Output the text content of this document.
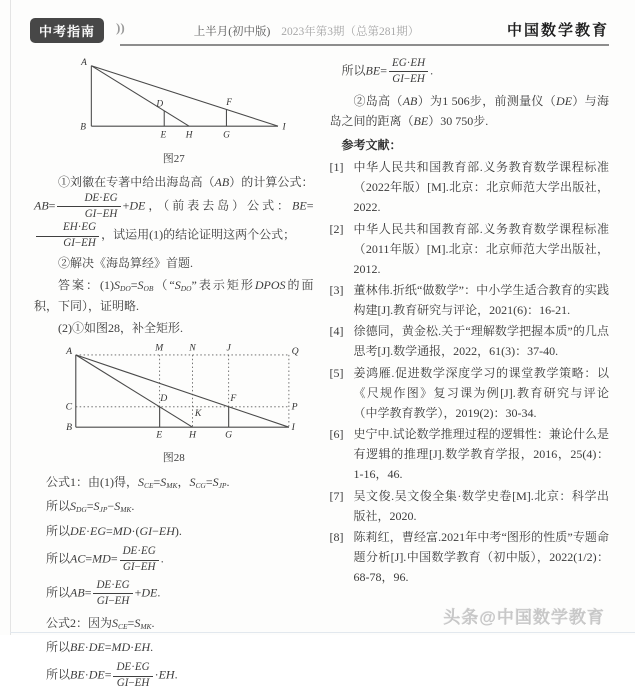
中考指南	))	上半月(初中版) 2023年第3期（总第281期）	中国数学教育
A
B
D
E H
F
G
I
图27

①刘徽在专著中给出海岛高（AB）的计算公式：$AB= \frac{DE\cdot EG}{GI-EH} +DE$，（前表去岛）公式：BE=
$\frac{EH\cdot EG}{GI-EH}$ ，试运用(1)的结论证明这两个公式；

②解决《海岛算经》首题.

答案：$(1)S_{DO}=S_{OB}(“S_{DO}$”表示矩形DPOS的面积，下同），证明略.

(2)①如图28，补全矩形.

A	M N	J	Q
C
D
K
F
P
B
E	H	G
I
图28
公式1：由(1)得，$S_{CE}=S_{MK}$，$S_{CG}=S_{JP}$.
所以$S_{DG}=S_{JP}-S_{MK}$.
所以DE·EG=MD·(GI−EH).
所以$AC=MD= \frac{DE\cdot EG}{GI-EH}$ .
所以$AB= \frac{DE\cdot EG}{GI-EH} +DE$.
公式2：因为$S_{CE}=S_{MK}$.
所以BE·DE=MD·EH.
所以$BE\cdot DE= \frac{DE\cdot EG}{GI-EH} \cdot EH$.
所以$BE= \frac{EG\cdot EH}{GI-EH}$ .

②岛高（AB）为1 506步，前测量仪（DE）与海岛之间的距离（BE）30 750步.

参考文献：

[1] 中华人民共和国教育部.义务教育数学课程标准（2022年版）[M].北京：北京师范大学出版社，2022.
[2] 中华人民共和国教育部.义务教育数学课程标准（2011年版）[M].北京：北京师范大学出版社，2012.
[3] 董林伟.折纸“做数学”：中小学生适合教育的实践构建[J].教育研究与评论，2021(6)：16-21.
[4] 徐德同，黄金松.关于“理解数学把握本质”的几点思考[J].数学通报，2022，61(3)：37-40.
[5] 姜鸿雁.促进数学深度学习的课堂教学策略：以《尺规作图》复习课为例[J].教育研究与评论（中学教育教学），2019(2)：30-34.
[6] 史宁中.试论数学推理过程的逻辑性：兼论什么是有逻辑的推理[J].数学教育学报，2016，25(4)：1-16，46.
[7] 吴文俊.吴文俊全集·数学史卷[M].北京：科学出版社，2020.
[8] 陈莉红，曹经富.2021年中考“图形的性质”专题命题分析[J].中国数学教育（初中版），2022(1/2)：68-78，96.
头条@中国数学教育
